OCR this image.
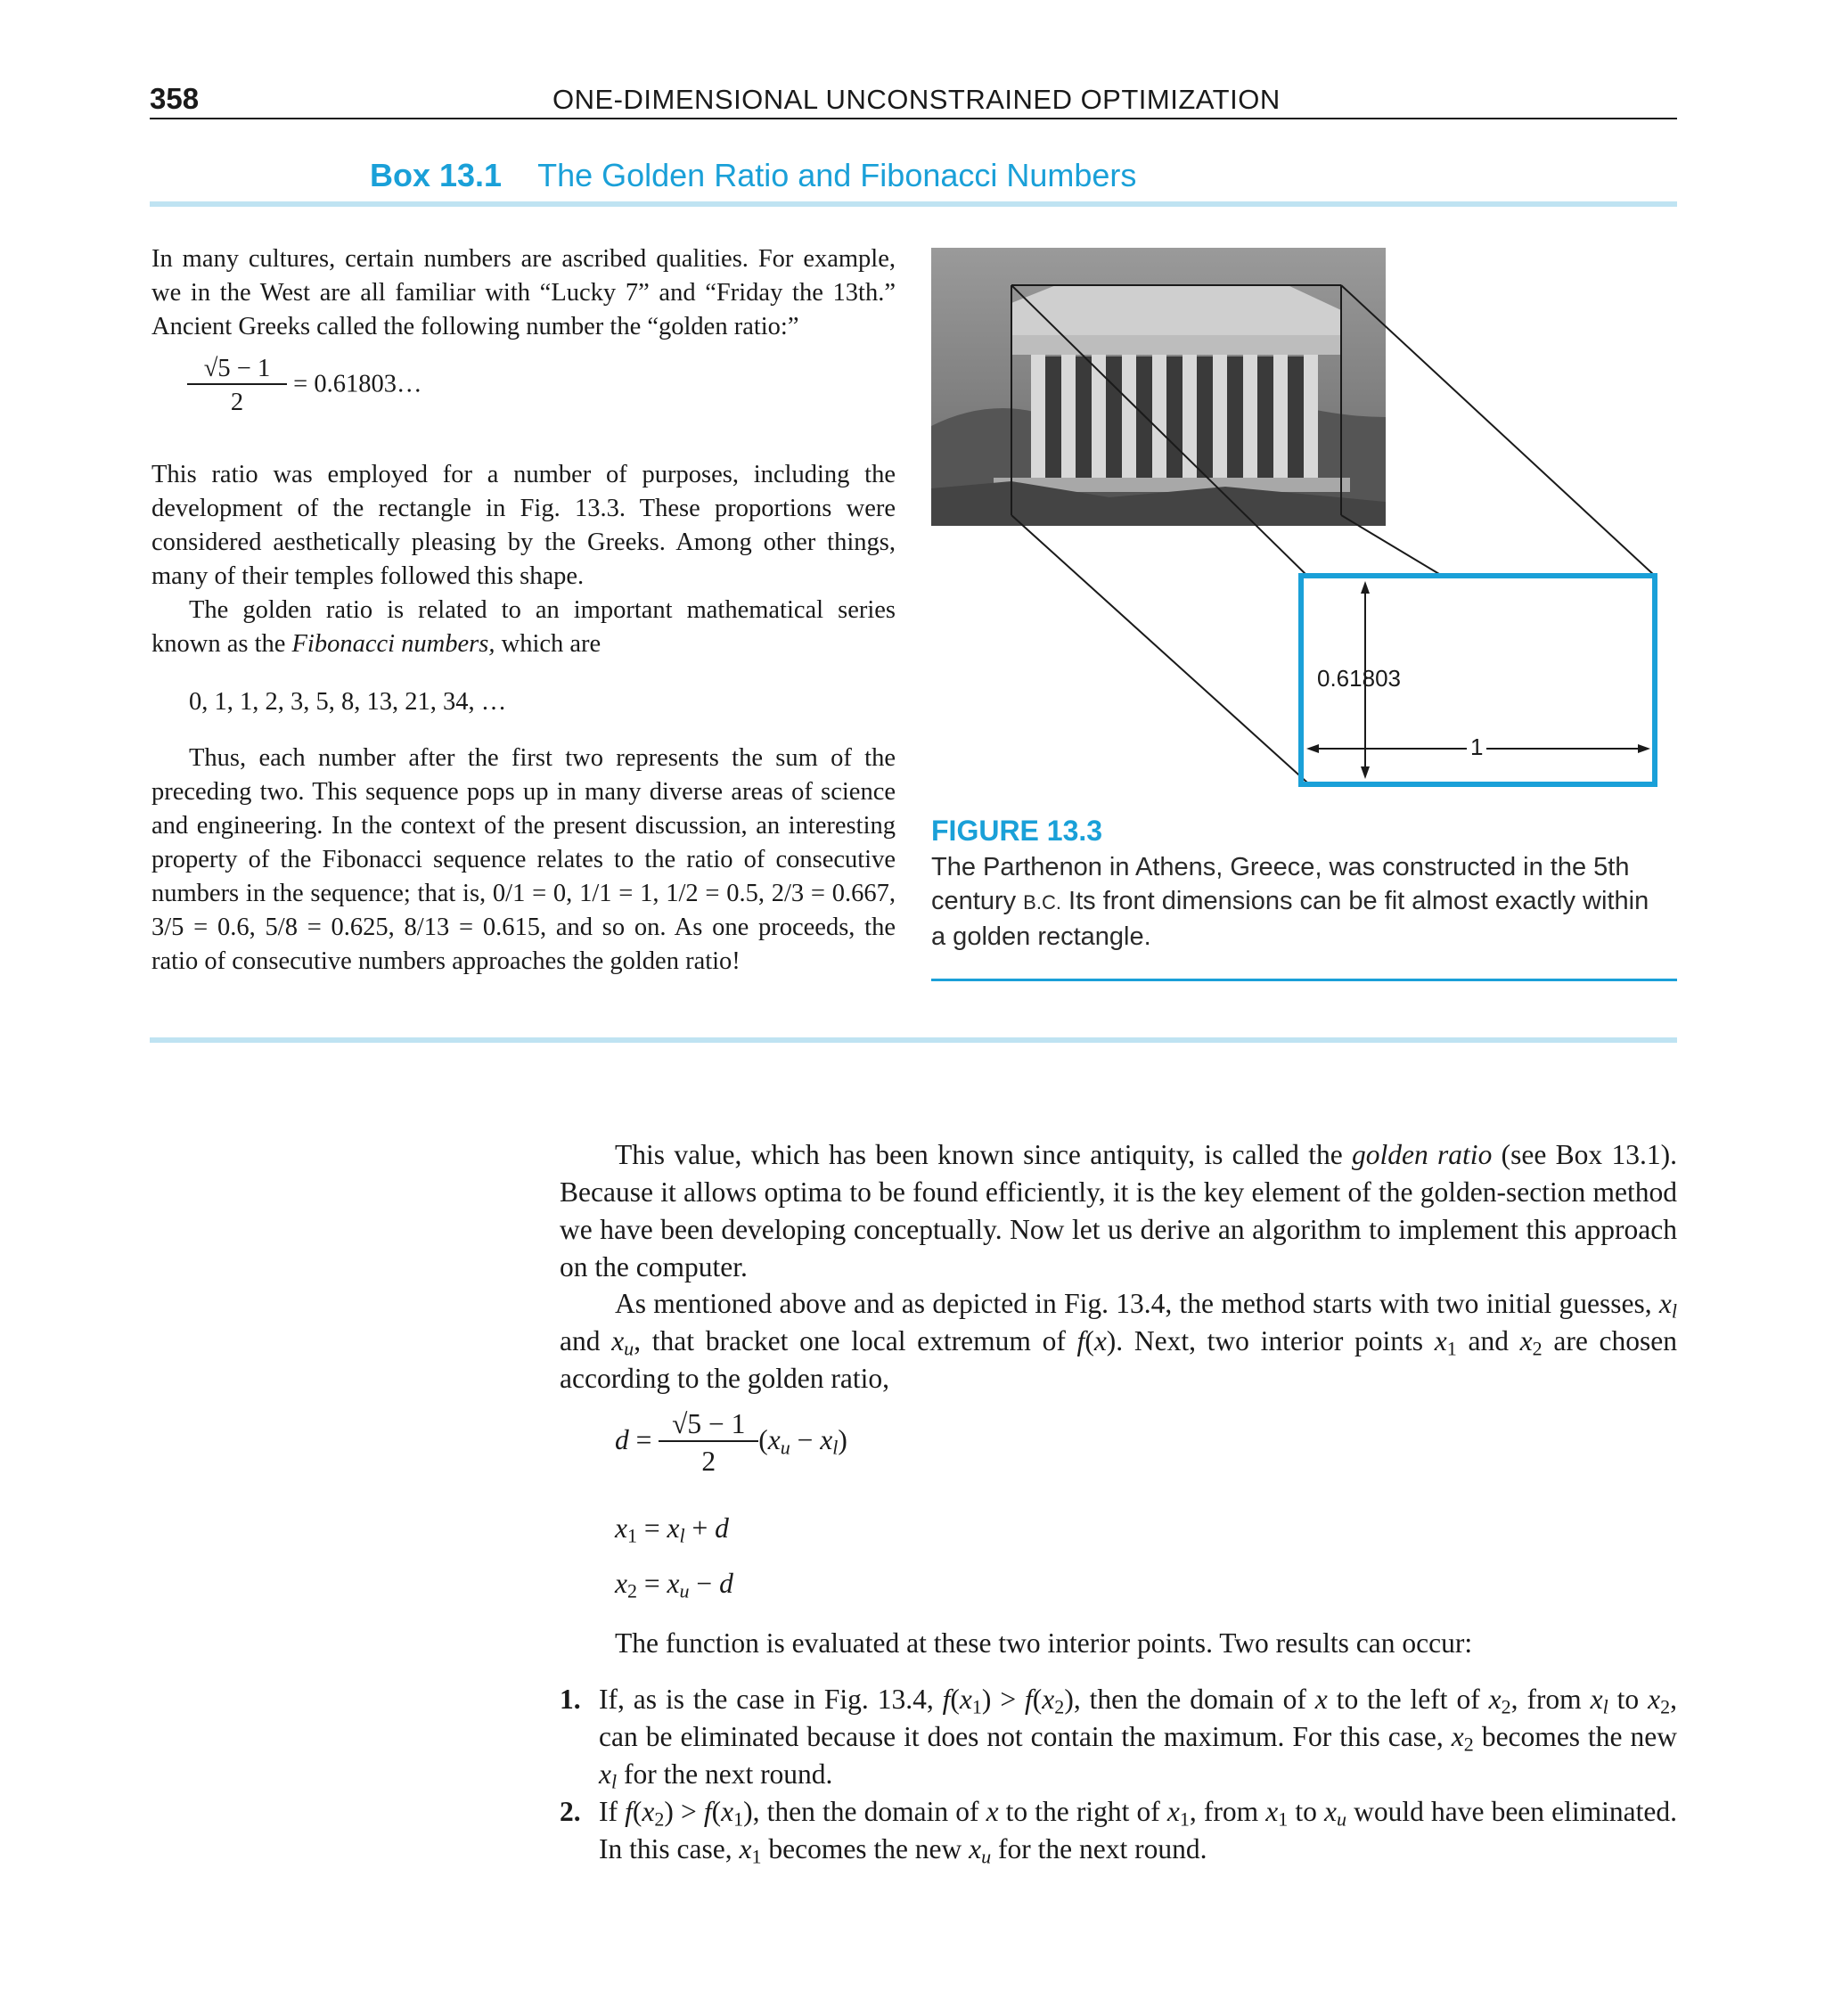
358	ONE-DIMENSIONAL UNCONSTRAINED OPTIMIZATION
Box 13.1 The Golden Ratio and Fibonacci Numbers
In many cultures, certain numbers are ascribed qualities. For example, we in the West are all familiar with “Lucky 7” and “Friday the 13th.” Ancient Greeks called the following number the “golden ratio:”
$\frac{√5 - 1}{2}$ = 0.61803…
This ratio was employed for a number of purposes, including the development of the rectangle in Fig. 13.3. These proportions were considered aesthetically pleasing by the Greeks. Among other things, many of their temples followed this shape.
The golden ratio is related to an important mathematical series known as the Fibonacci numbers, which are
0, 1, 1, 2, 3, 5, 8, 13, 21, 34, …
Thus, each number after the first two represents the sum of the preceding two. This sequence pops up in many diverse areas of science and engineering. In the context of the present discussion, an interesting property of the Fibonacci sequence relates to the ratio of consecutive numbers in the sequence; that is, 0/1 = 0, 1/1 = 1, 1/2 = 0.5, 2/3 = 0.667, 3/5 = 0.6, 5/8 = 0.625, 8/13 = 0.615, and so on. As one proceeds, the ratio of consecutive numbers approaches the golden ratio!
0.61803
1
FIGURE 13.3
The Parthenon in Athens, Greece, was constructed in the 5th century B.C. Its front dimensions can be fit almost exactly within a golden rectangle.
This value, which has been known since antiquity, is called the golden ratio (see Box 13.1). Because it allows optima to be found efficiently, it is the key element of the golden-section method we have been developing conceptually. Now let us derive an algorithm to implement this approach on the computer.
As mentioned above and as depicted in Fig. 13.4, the method starts with two initial guesses, $x_l$ and $x_u$, that bracket one local extremum of f(x). Next, two interior points $x_1$ and $x_2$ are chosen according to the golden ratio,
$d = \frac{√5 - 1}{2} (x_u - x_l)$
$x_1 = x_l + d$
$x_2 = x_u - d$
The function is evaluated at these two interior points. Two results can occur:
1. If, as is the case in Fig. 13.4, $f(x_1) > f(x_2)$, then the domain of x to the left of $x_2$, from $x_l$ to $x_2$, can be eliminated because it does not contain the maximum. For this case, $x_2$ becomes the new $x_l$ for the next round.
2. If $f(x_2) > f(x_1)$, then the domain of x to the right of $x_1$, from $x_1$ to $x_u$ would have been eliminated. In this case, $x_1$ becomes the new $x_u$ for the next round.
